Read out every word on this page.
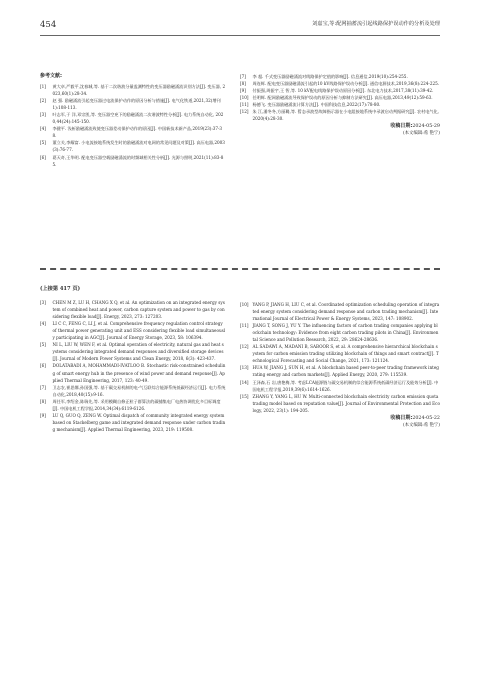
454	刘嘉宝,等:配网抽蓄流引起线路保护误动作的分析及处理
参考文献:
[1]	黄大卓,严毅平,沈春城,等. 基于二次谐波分量监测特性的变压器励磁涌流识别方法[J]. 变压器, 2023,60(1):28-34.
[2]	赵 强. 励磁涌流引起变压器过电流保护动作的原因分析与措施[J]. 电气化铁道,2021,32(增刊1):108-113.
[3]	叶志军,于 洋,邓宗凯,等. 变压器空充下的励磁涌流二次谐波特性分析[J]. 电力系统自动化, 2020,44(24):145-150.
[4]	李健平. 浅析励磁涌流致使变压器差动保护动作的原因[J]. 中国新技术新产品,2019(23):37-38.
[5]	董立关,李耀富. 小电流接地系统发生时的励磁涌流对电网的常见问题及对策[J]. 高压电器,2003(3):76-77.
[6]	葛天奇,王华明. 配电变压器空载励磁涌流的时频域相关性分析[J]. 光源与照明,2021(11):83-85.
[7]	李 超. 千式变压器励磁涌流对线路保护定值的影响[J]. 信息通信,2019(10):254-255.
[8]	周连辉. 配电变压器励磁涌流引起的10 kV线路保护误动分析[J]. 通信电源技术,2019,36(8):224-225.
[9]	付振强,周振宇,王 智,等. 10 kV配电线路保护误动原因分析[J]. 东北电力技术,2017,38(11):39-42.
[10] 任明辉. 配网励磁涌流导致保护误动的原因分析与抑制方法研究[J]. 高压电器,2013,49(12):59-63.
[11] 杨德飞. 变压器励磁涌流计算方法[J]. 中国科技信息,2022(17):78-80.
[12] 朱 江,潘冬冬,方丽璐,等. 暂态录波型故障指示器在小电阻接地系统中录波启动判据研究[J]. 农村电气化,2020(4):28-30.
收稿日期:2024-05-29
(本文编辑:希 艳宁)
(上接第 417 页)
[3]	CHEN M Z, LU H, CHANG X Q, et al. An optimization on an integrated energy system of combined heat and power, carbon capture system and power to gas by considering flexible load[J]. Energy, 2023, 273: 127203.
[4]	LI C C, FENG C, LI J, et al. Comprehensive frequency regulation control strategy of thermal power generating unit and ESS considering flexible load simultaneously participating in AGC[J]. Journal of Energy Storage, 2023, 58: 106394.
[5]	NI L, LIU W, WEN F, et al. Optimal operation of electricity, natural gas and heat systems considering integrated demand responses and diversified storage devices[J]. Journal of Modern Power Systems and Clean Energy, 2018, 6(3): 423-437.
[6]	DOLATABADI A, MOHAMMADI-IVATLOO B. Stochastic risk-constrained scheduling of smart energy hub in the presence of wind power and demand response[J]. Applied Thermal Engineering, 2017, 123: 40-49.
[7]	卫志农,崔思娜,孙国强,等. 基于碳交易机制的电-气互联综合能源系统低碳经济运行[J]. 电力系统自动化,2018,40(15):9-16.
[8]	周任军,李绍金,陈瑞先,等. 采用模糊自修正粒子群算法的碳捕集电厂电热协调优化多目标调度[J]. 中国电机工程学报,2014,34(34):6119-6126.
[9]	LU Q, GUO Q, ZENG W. Optimal dispatch of community integrated energy system based on Stackelberg game and integrated demand response under carbon trading mechanism[J]. Applied Thermal Engineering, 2023, 219: 119508.
[10] YANG P, JIANG H, LIU C, et al. Coordinated optimization scheduling operation of integrated energy system considering demand response and carbon trading mechanism[J]. International Journal of Electrical Power & Energy Systems, 2023, 147: 108902.
[11] JIANG T, SONG J, YU Y. The influencing factors of carbon trading companies applying blockchain technology: Evidence from eight carbon trading pilots in China[J]. Environmental Science and Pollution Research, 2022, 29: 28624-28636.
[12] AL SADAWI A, MADANI B, SABOOR S, et al. A comprehensive hierarchical blockchain system for carbon emission trading utilizing blockchain of things and smart contract[J]. Technological Forecasting and Social Change, 2021, 173: 121124.
[13] HUA W, JIANG J, SUN H, et al. A blockchain based peer-to-peer trading framework integrating energy and carbon markets[J]. Applied Energy, 2020, 279: 115539.
[14] 王泽森,石 岩,唐艳梅,等. 考虑LCA能源链与碳交易机制的综合能源系统低碳经济运行及能效分析[J]. 中国电机工程学报,2019,39(6):1614-1626.
[15] ZHANG Y, YANG L, HU W. Multi-connected blockchain electricity carbon emission quota trading model based on reputation value[J]. Journal of Environmental Protection and Ecology, 2022, 23(1): 194-205.
收稿日期:2024-05-22
(本文编辑:希 艳宁)
